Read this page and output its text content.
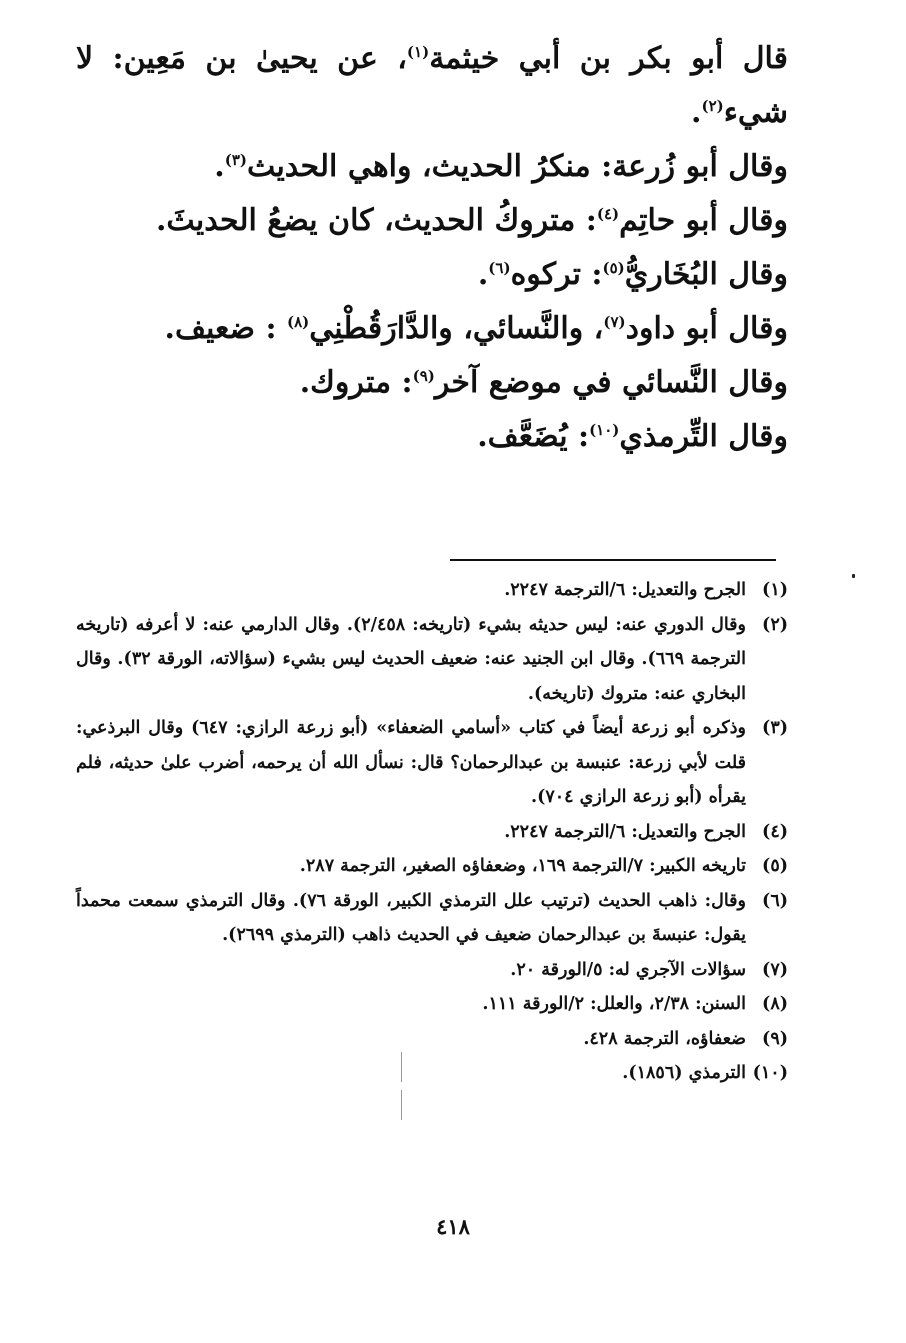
قال أبو بكر بن أبي خيثمة$^{(١)}$، عن يحيىٰ بن مَعِين: لا شيء$^{(٢)}$.

وقال أبو زُرعة: منكرُ الحديث، واهي الحديث$^{(٣)}$.

وقال أبو حاتِم$^{(٤)}$: متروكُ الحديث، كان يضعُ الحديثَ.

وقال البُخَاريُّ$^{(٥)}$: تركوه$^{(٦)}$.

وقال أبو داود$^{(٧)}$، والنَّسائي، والدَّارَقُطْنِي$^{(٨)}$ : ضعيف.

وقال النَّسائي في موضع آخر$^{(٩)}$: متروك.

وقال التِّرمذي$^{(١٠)}$: يُضَعَّف.

(١)
الجرح والتعديل: ٦/الترجمة ٢٢٤٧.
(٢)
وقال الدوري عنه: ليس حديثه بشيء (تاريخه: ٢/٤٥٨). وقال الدارمي عنه: لا أعرفه (تاريخه الترجمة ٦٦٩). وقال ابن الجنيد عنه: ضعيف الحديث ليس بشيء (سؤالاته، الورقة ٣٢). وقال البخاري عنه: متروك (تاريخه).
(٣)
وذكره أبو زرعة أيضاً في كتاب «أسامي الضعفاء» (أبو زرعة الرازي: ٦٤٧) وقال البرذعي: قلت لأبي زرعة: عنبسة بن عبدالرحمان؟ قال: نسأل الله أن يرحمه، أضرب علىٰ حديثه، فلم يقرأه (أبو زرعة الرازي ٧٠٤).
(٤)
الجرح والتعديل: ٦/الترجمة ٢٢٤٧.
(٥)
تاريخه الكبير: ٧/الترجمة ١٦٩، وضعفاؤه الصغير، الترجمة ٢٨٧.
(٦)
وقال: ذاهب الحديث (ترتيب علل الترمذي الكبير، الورقة ٧٦). وقال الترمذي سمعت محمداً يقول: عنبسةَ بن عبدالرحمان ضعيف في الحديث ذاهب (الترمذي ٢٦٩٩).
(٧)
سؤالات الآجري له: ٥/الورقة ٢٠.
(٨)
السنن: ٢/٣٨، والعلل: ٢/الورقة ١١١.
(٩)
ضعفاؤه، الترجمة ٤٢٨.
(١٠)
الترمذي (١٨٥٦).
٤١٨
